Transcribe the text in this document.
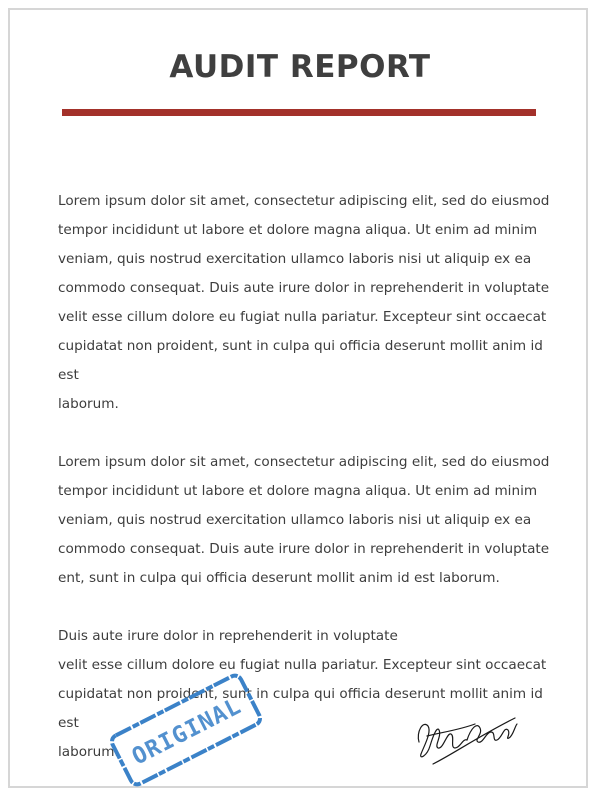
AUDIT REPORT

Lorem ipsum dolor sit amet, consectetur adipiscing elit, sed do eiusmod
tempor incididunt ut labore et dolore magna aliqua. Ut enim ad minim
veniam, quis nostrud exercitation ullamco laboris nisi ut aliquip ex ea
commodo consequat. Duis aute irure dolor in reprehenderit in voluptate
velit esse cillum dolore eu fugiat nulla pariatur. Excepteur sint occaecat
cupidatat non proident, sunt in culpa qui officia deserunt mollit anim id est
laborum.

Lorem ipsum dolor sit amet, consectetur adipiscing elit, sed do eiusmod
tempor incididunt ut labore et dolore magna aliqua. Ut enim ad minim
veniam, quis nostrud exercitation ullamco laboris nisi ut aliquip ex ea
commodo consequat. Duis aute irure dolor in reprehenderit in voluptate
ent, sunt in culpa qui officia deserunt mollit anim id est laborum.

Duis aute irure dolor in reprehenderit in voluptate
velit esse cillum dolore eu fugiat nulla pariatur. Excepteur sint occaecat
cupidatat non proident, sunt in culpa qui officia deserunt mollit anim id est
laborum. ORIGINAL
